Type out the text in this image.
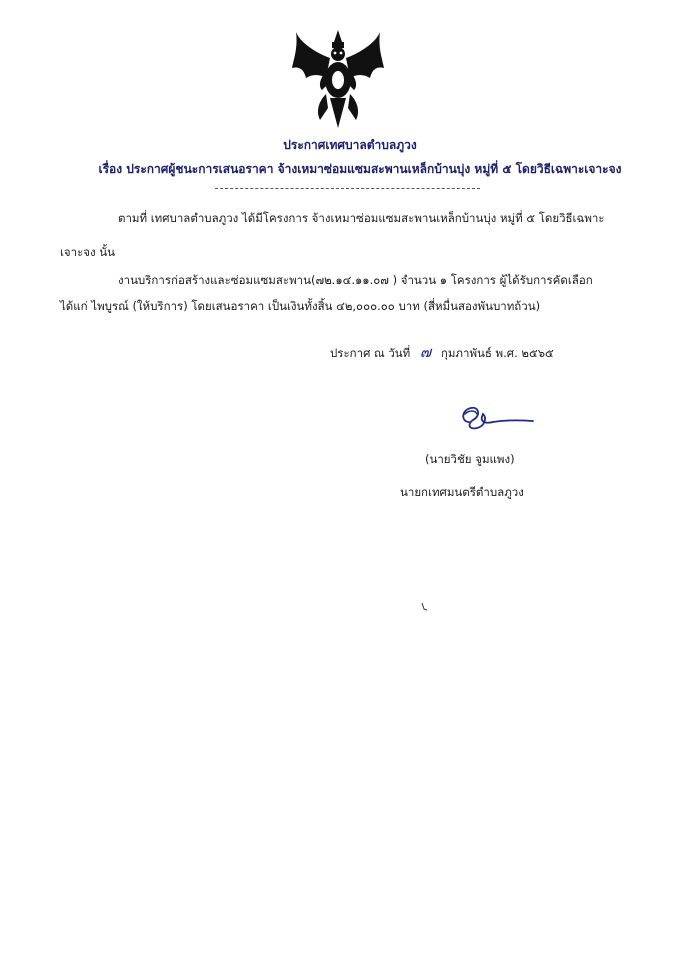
ประกาศเทศบาลตำบลภูวง
เรื่อง ประกาศผู้ชนะการเสนอราคา จ้างเหมาซ่อมแซมสะพานเหล็กบ้านบุ่ง หมู่ที่ ๕ โดยวิธีเฉพาะเจาะจง
ตามที่ เทศบาลตำบลภูวง ได้มีโครงการ จ้างเหมาซ่อมแซมสะพานเหล็กบ้านบุ่ง หมู่ที่ ๕ โดยวิธีเฉพาะ
เจาะจง นั้น
งานบริการก่อสร้างและซ่อมแซมสะพาน(๗๒.๑๔.๑๑.๐๗ ) จำนวน ๑ โครงการ ผู้ได้รับการคัดเลือก
ได้แก่ ไพบูรณ์ (ให้บริการ) โดยเสนอราคา เป็นเงินทั้งสิ้น ๔๒,๐๐๐.๐๐ บาท (สี่หมื่นสองพันบาทถ้วน)
ประกาศ ณ วันที่ ๗ กุมภาพันธ์ พ.ศ. ๒๕๖๕
(นายวิชัย จูมแพง)
นายกเทศมนตรีตำบลภูวง
